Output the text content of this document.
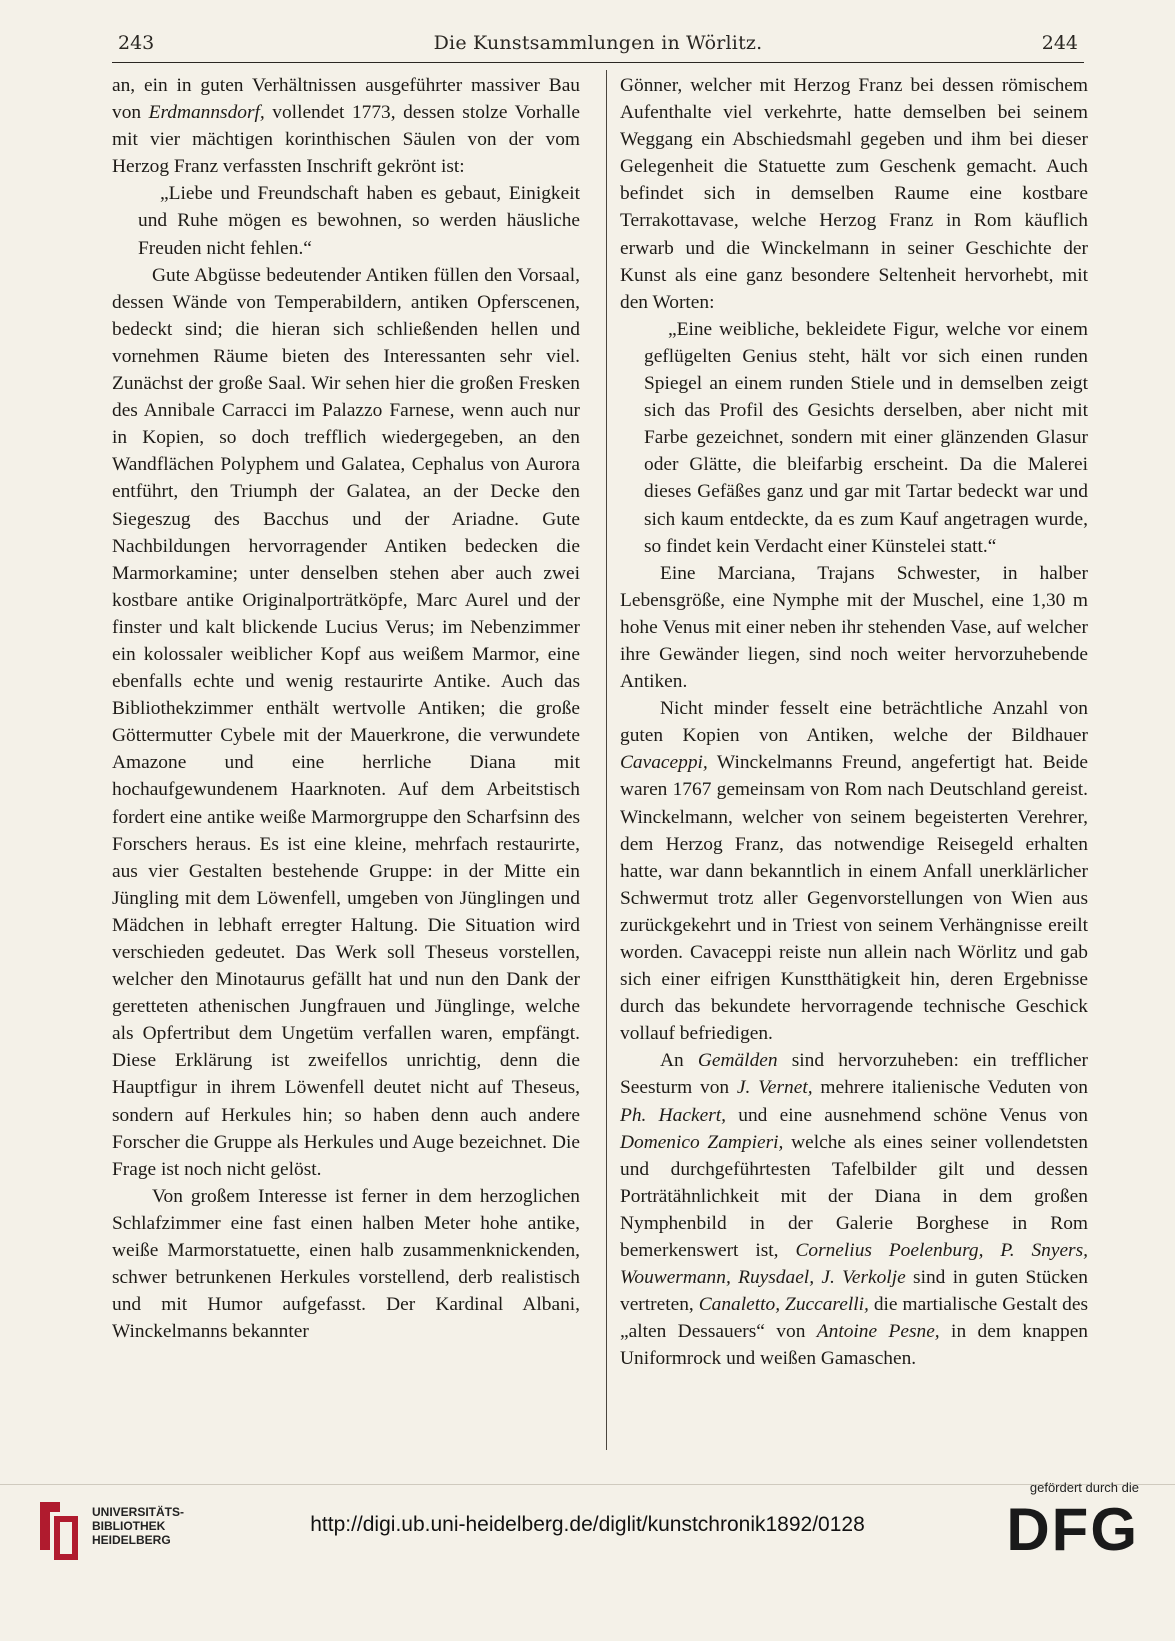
243	Die Kunstsammlungen in Wörlitz.	244

an, ein in guten Verhältnissen ausgeführter massiver Bau von Erdmannsdorf, vollendet 1773, dessen stolze Vorhalle mit vier mächtigen korinthischen Säulen von der vom Herzog Franz verfassten Inschrift gekrönt ist:

„Liebe und Freundschaft haben es gebaut, Einigkeit und Ruhe mögen es bewohnen, so werden häusliche Freuden nicht fehlen.“

Gute Abgüsse bedeutender Antiken füllen den Vorsaal, dessen Wände von Temperabildern, antiken Opferscenen, bedeckt sind; die hieran sich schließenden hellen und vornehmen Räume bieten des Interessanten sehr viel. Zunächst der große Saal. Wir sehen hier die großen Fresken des Annibale Carracci im Palazzo Farnese, wenn auch nur in Kopien, so doch trefflich wiedergegeben, an den Wandflächen Polyphem und Galatea, Cephalus von Aurora entführt, den Triumph der Galatea, an der Decke den Siegeszug des Bacchus und der Ariadne. Gute Nachbildungen hervorragender Antiken bedecken die Marmorkamine; unter denselben stehen aber auch zwei kostbare antike Originalporträtköpfe, Marc Aurel und der finster und kalt blickende Lucius Verus; im Nebenzimmer ein kolossaler weiblicher Kopf aus weißem Marmor, eine ebenfalls echte und wenig restaurirte Antike. Auch das Bibliothekzimmer enthält wertvolle Antiken; die große Göttermutter Cybele mit der Mauerkrone, die verwundete Amazone und eine herrliche Diana mit hochaufgewundenem Haarknoten. Auf dem Arbeitstisch fordert eine antike weiße Marmorgruppe den Scharfsinn des Forschers heraus. Es ist eine kleine, mehrfach restaurirte, aus vier Gestalten bestehende Gruppe: in der Mitte ein Jüngling mit dem Löwenfell, umgeben von Jünglingen und Mädchen in lebhaft erregter Haltung. Die Situation wird verschieden gedeutet. Das Werk soll Theseus vorstellen, welcher den Minotaurus gefällt hat und nun den Dank der geretteten athenischen Jungfrauen und Jünglinge, welche als Opfertribut dem Ungetüm verfallen waren, empfängt. Diese Erklärung ist zweifellos unrichtig, denn die Hauptfigur in ihrem Löwenfell deutet nicht auf Theseus, sondern auf Herkules hin; so haben denn auch andere Forscher die Gruppe als Herkules und Auge bezeichnet. Die Frage ist noch nicht gelöst.

Von großem Interesse ist ferner in dem herzoglichen Schlafzimmer eine fast einen halben Meter hohe antike, weiße Marmorstatuette, einen halb zusammenknickenden, schwer betrunkenen Herkules vorstellend, derb realistisch und mit Humor aufgefasst. Der Kardinal Albani, Winckelmanns bekannter

Gönner, welcher mit Herzog Franz bei dessen römischem Aufenthalte viel verkehrte, hatte demselben bei seinem Weggang ein Abschiedsmahl gegeben und ihm bei dieser Gelegenheit die Statuette zum Geschenk gemacht. Auch befindet sich in demselben Raume eine kostbare Terrakottavase, welche Herzog Franz in Rom käuflich erwarb und die Winckelmann in seiner Geschichte der Kunst als eine ganz besondere Seltenheit hervorhebt, mit den Worten:

„Eine weibliche, bekleidete Figur, welche vor einem geflügelten Genius steht, hält vor sich einen runden Spiegel an einem runden Stiele und in demselben zeigt sich das Profil des Gesichts derselben, aber nicht mit Farbe gezeichnet, sondern mit einer glänzenden Glasur oder Glätte, die bleifarbig erscheint. Da die Malerei dieses Gefäßes ganz und gar mit Tartar bedeckt war und sich kaum entdeckte, da es zum Kauf angetragen wurde, so findet kein Verdacht einer Künstelei statt.“

Eine Marciana, Trajans Schwester, in halber Lebensgröße, eine Nymphe mit der Muschel, eine 1,30 m hohe Venus mit einer neben ihr stehenden Vase, auf welcher ihre Gewänder liegen, sind noch weiter hervorzuhebende Antiken.

Nicht minder fesselt eine beträchtliche Anzahl von guten Kopien von Antiken, welche der Bildhauer Cavaceppi, Winckelmanns Freund, angefertigt hat. Beide waren 1767 gemeinsam von Rom nach Deutschland gereist. Winckelmann, welcher von seinem begeisterten Verehrer, dem Herzog Franz, das notwendige Reisegeld erhalten hatte, war dann bekanntlich in einem Anfall unerklärlicher Schwermut trotz aller Gegenvorstellungen von Wien aus zurückgekehrt und in Triest von seinem Verhängnisse ereilt worden. Cavaceppi reiste nun allein nach Wörlitz und gab sich einer eifrigen Kunstthätigkeit hin, deren Ergebnisse durch das bekundete hervorragende technische Geschick vollauf befriedigen.

An Gemälden sind hervorzuheben: ein trefflicher Seesturm von J. Vernet, mehrere italienische Veduten von Ph. Hackert, und eine ausnehmend schöne Venus von Domenico Zampieri, welche als eines seiner vollendetsten und durchgeführtesten Tafelbilder gilt und dessen Porträtähnlichkeit mit der Diana in dem großen Nymphenbild in der Galerie Borghese in Rom bemerkenswert ist, Cornelius Poelenburg, P. Snyers, Wouwermann, Ruysdael, J. Verkolje sind in guten Stücken vertreten, Canaletto, Zuccarelli, die martialische Gestalt des „alten Dessauers“ von Antoine Pesne, in dem knappen Uniformrock und weißen Gamaschen.

UNIVERSITÄTS-
BIBLIOTHEK
HEIDELBERG
http://digi.ub.uni-heidelberg.de/diglit/kunstchronik1892/0128
gefördert durch die
DFG
